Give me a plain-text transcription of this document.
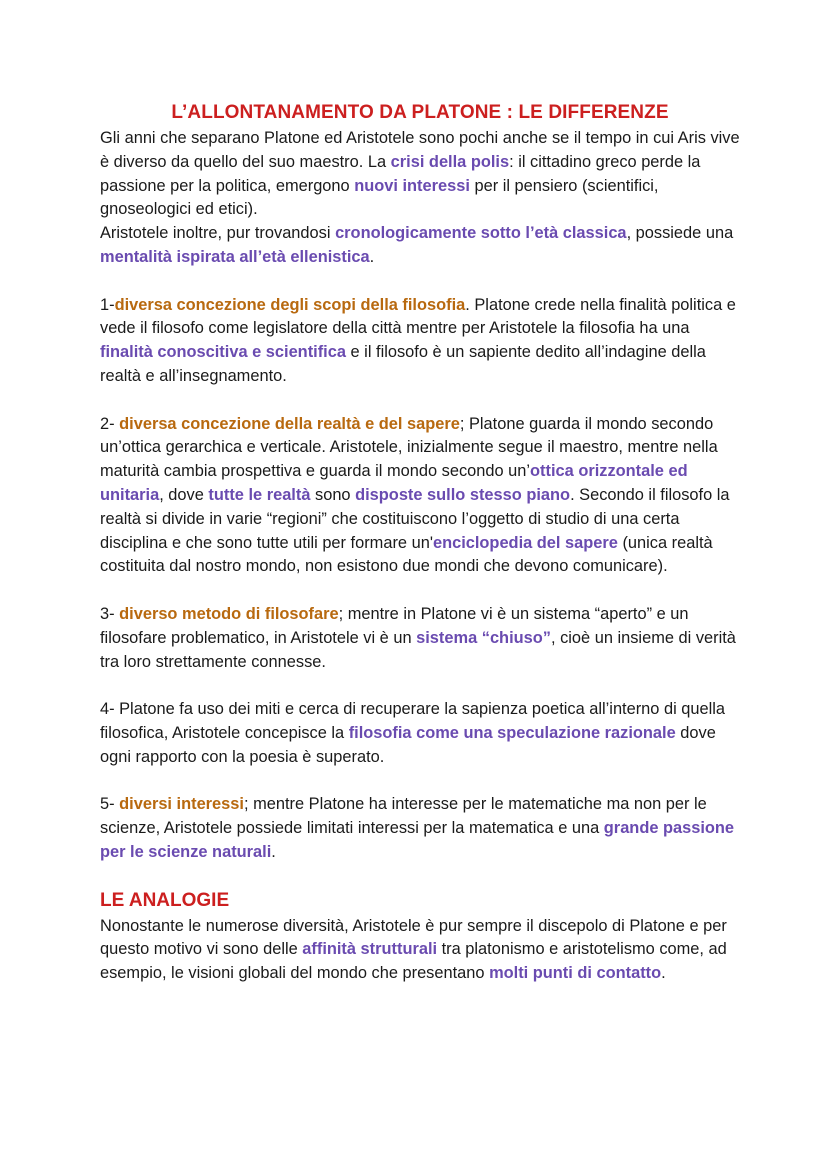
L’ALLONTANAMENTO DA PLATONE : LE DIFFERENZE

Gli anni che separano Platone ed Aristotele sono pochi anche se il tempo in cui Aris vive è diverso da quello del suo maestro. La crisi della polis: il cittadino greco perde la passione per la politica, emergono nuovi interessi per il pensiero (scientifici, gnoseologici ed etici).

Aristotele inoltre, pur trovandosi cronologicamente sotto l’età classica, possiede una mentalità ispirata all’età ellenistica.

1-diversa concezione degli scopi della filosofia. Platone crede nella finalità politica e vede il filosofo come legislatore della città mentre per Aristotele la filosofia ha una finalità conoscitiva e scientifica e il filosofo è un sapiente dedito all’indagine della realtà e all’insegnamento.

2- diversa concezione della realtà e del sapere; Platone guarda il mondo secondo un’ottica gerarchica e verticale. Aristotele, inizialmente segue il maestro, mentre nella maturità cambia prospettiva e guarda il mondo secondo un’ottica orizzontale ed unitaria, dove tutte le realtà sono disposte sullo stesso piano. Secondo il filosofo la realtà si divide in varie “regioni” che costituiscono l’oggetto di studio di una certa disciplina e che sono tutte utili per formare un'enciclopedia del sapere (unica realtà costituita dal nostro mondo, non esistono due mondi che devono comunicare).

3- diverso metodo di filosofare; mentre in Platone vi è un sistema “aperto” e un filosofare problematico, in Aristotele vi è un sistema “chiuso”, cioè un insieme di verità tra loro strettamente connesse.

4- Platone fa uso dei miti e cerca di recuperare la sapienza poetica all’interno di quella filosofica, Aristotele concepisce la filosofia come una speculazione razionale dove ogni rapporto con la poesia è superato.

5- diversi interessi; mentre Platone ha interesse per le matematiche ma non per le scienze, Aristotele possiede limitati interessi per la matematica e una grande passione per le scienze naturali.

LE ANALOGIE

Nonostante le numerose diversità, Aristotele è pur sempre il discepolo di Platone e per questo motivo vi sono delle affinità strutturali tra platonismo e aristotelismo come, ad esempio, le visioni globali del mondo che presentano molti punti di contatto.
